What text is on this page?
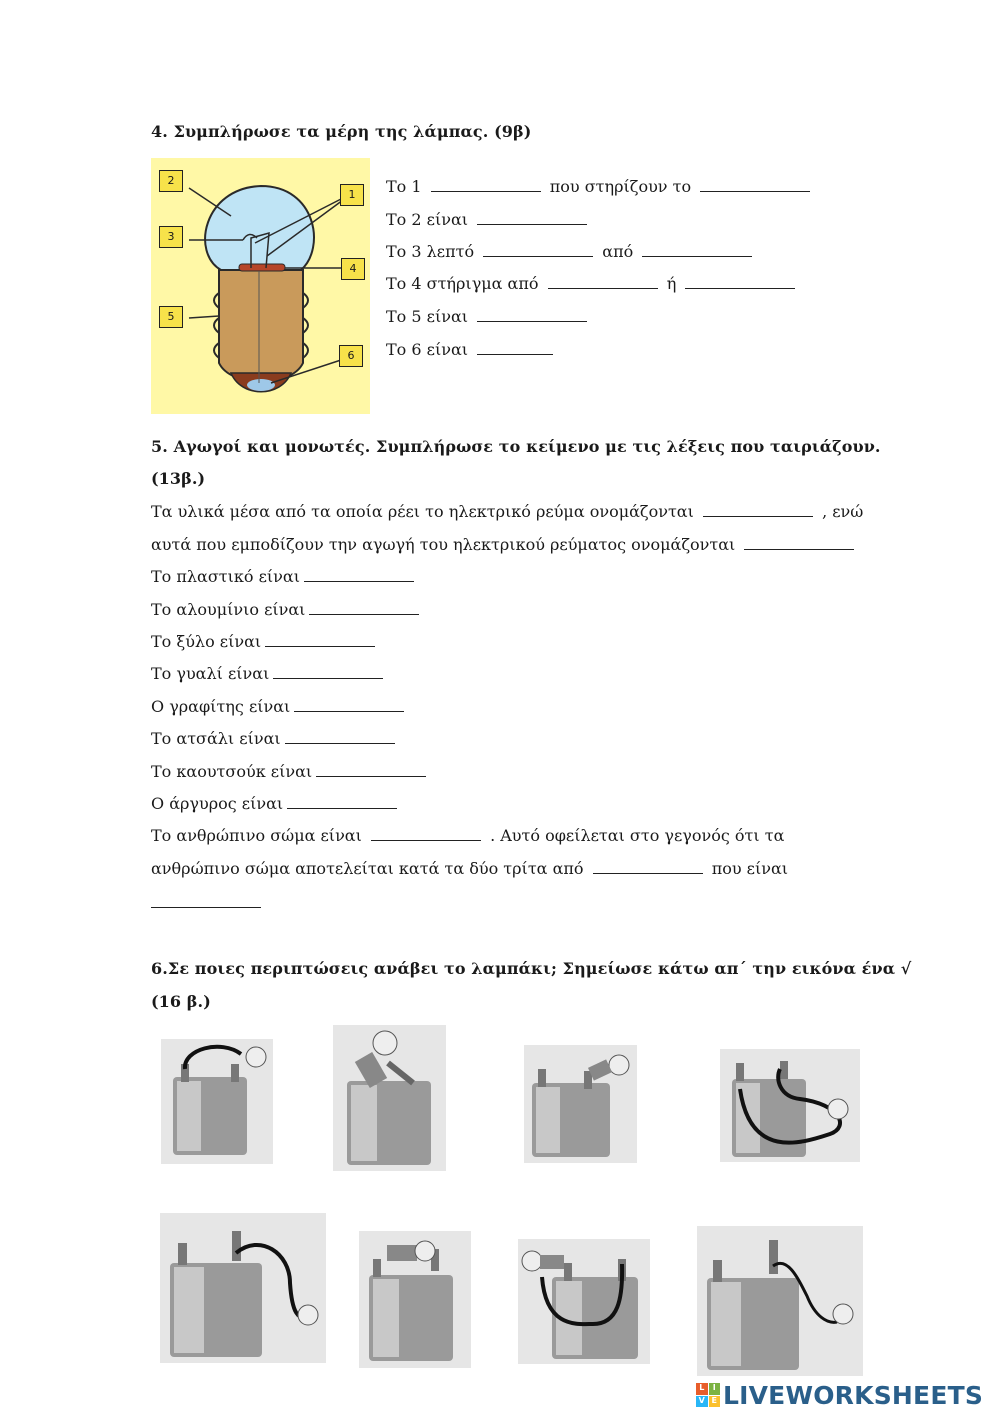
4. Συμπλήρωσε τα μέρη της λάμπας. (9β)
2
1
3
4
5
6
Το 1	που στηρίζουν το
Το 2 είναι
Το 3 λεπτό	από
Το 4 στήριγμα από	ή
Το 5 είναι
Το 6 είναι
5. Αγωγοί και μονωτές. Συμπλήρωσε το κείμενο με τις λέξεις που ταιριάζουν.
(13β.)
Τα υλικά μέσα από τα οποία ρέει το ηλεκτρικό ρεύμα ονομάζονται	, ενώ
αυτά που εμποδίζουν την αγωγή του ηλεκτρικού ρεύματος ονομάζονται
Το πλαστικό είναι
Το αλουμίνιο είναι
Το ξύλο είναι
Το γυαλί είναι
Ο γραφίτης είναι
Το ατσάλι είναι
Το καουτσούκ είναι
Ο άργυρος είναι
Το ανθρώπινο σώμα είναι	. Αυτό οφείλεται στο γεγονός ότι τα
ανθρώπινο σώμα αποτελείται κατά τα δύο τρίτα από	που είναι
6.Σε ποιες περιπτώσεις ανάβει το λαμπάκι; Σημείωσε κάτω απ΄ την εικόνα ένα √
(16 β.)
L	I
V E LIVEWORKSHEETS
